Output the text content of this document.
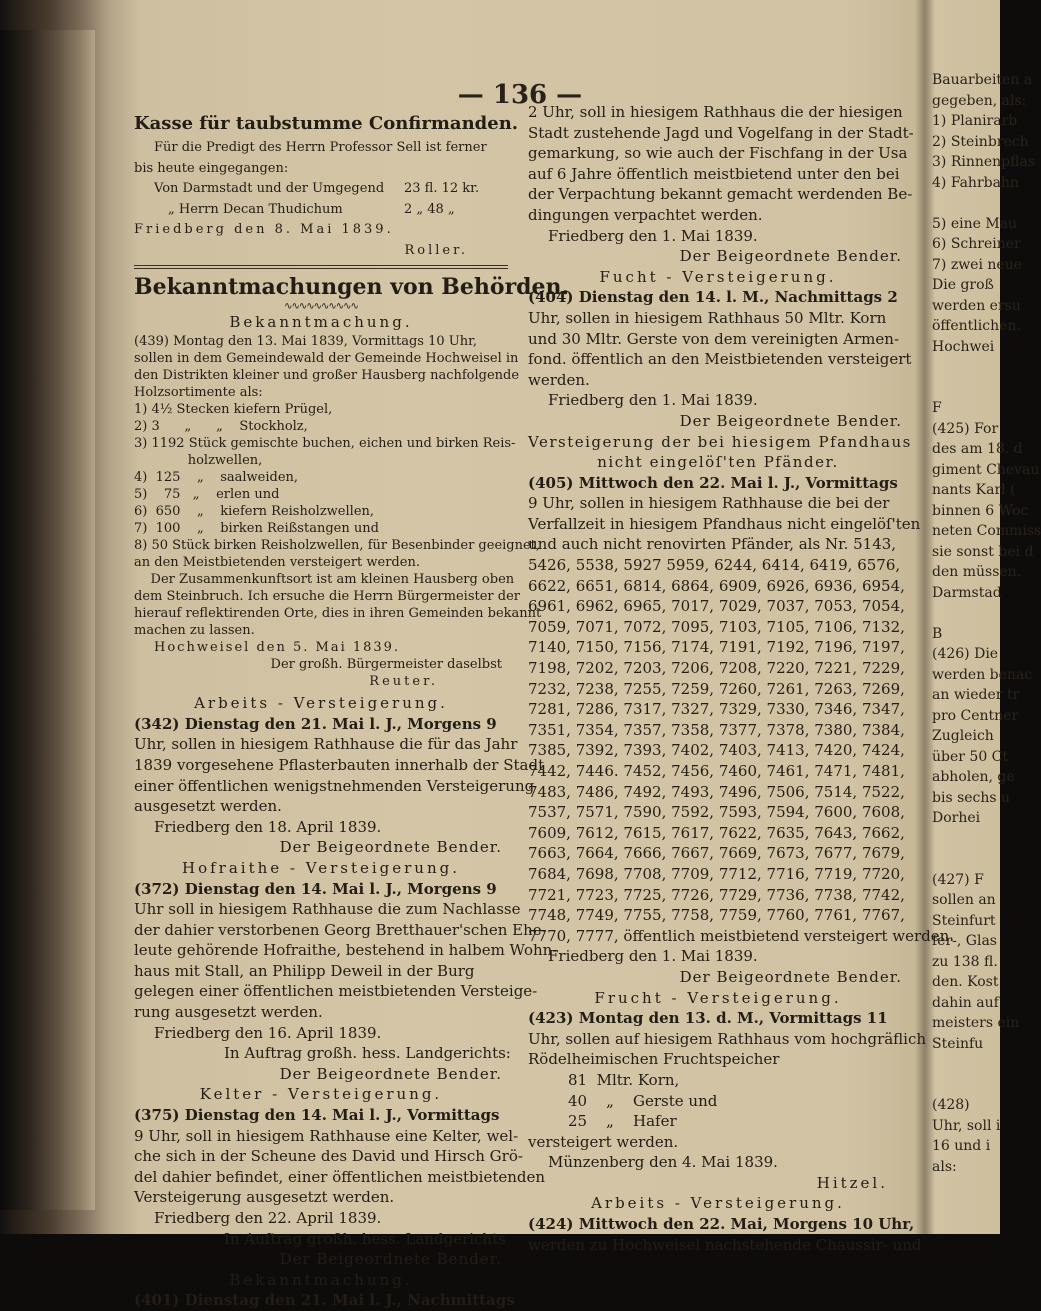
— 136 —
Kasse für taubstumme Confirmanden.
Für die Predigt des Herrn Professor Sell ist ferner
bis heute eingegangen:
Von Darmstadt und der Umgegend	23 fl. 12 kr.
„ Herrn Decan Thudichum	2 „ 48 „
Friedberg den 8. Mai 1839.
Roller.
Bekanntmachungen von Behörden.
∿∿∿∿∿∿∿∿∿∿
Bekanntmachung.
(439) Montag den 13. Mai 1839, Vormittags 10 Uhr,
sollen in dem Gemeindewald der Gemeinde Hochweisel in
den Distrikten kleiner und großer Hausberg nachfolgende
Holzsortimente als:
1) 4½ Stecken kiefern Prügel,
2) 3      „      „    Stockholz,
3) 1192 Stück gemischte buchen, eichen und birken Reis-
holzwellen,
4)  125    „    saalweiden,
5)    75   „    erlen und
6)  650    „    kiefern Reisholzwellen,
7)  100    „    birken Reißstangen und
8) 50 Stück birken Reisholzwellen, für Besenbinder geeignet,
an den Meistbietenden versteigert werden.
Der Zusammenkunftsort ist am kleinen Hausberg oben
dem Steinbruch. Ich ersuche die Herrn Bürgermeister der
hierauf reflektirenden Orte, dies in ihren Gemeinden bekannt
machen zu lassen.
Hochweisel den 5. Mai 1839.
Der großh. Bürgermeister daselbst
Reuter.
Arbeits - Versteigerung.
(342) Dienstag den 21. Mai l. J., Morgens 9
Uhr, sollen in hiesigem Rathhause die für das Jahr
1839 vorgesehene Pflasterbauten innerhalb der Stadt
einer öffentlichen wenigstnehmenden Versteigerung
ausgesetzt werden.
Friedberg den 18. April 1839.
Der Beigeordnete Bender.
Hofraithe - Versteigerung.
(372) Dienstag den 14. Mai l. J., Morgens 9
Uhr soll in hiesigem Rathhause die zum Nachlasse
der dahier verstorbenen Georg Bretthauer'schen Ehe-
leute gehörende Hofraithe, bestehend in halbem Wohn-
haus mit Stall, an Philipp Deweil in der Burg
gelegen einer öffentlichen meistbietenden Versteige-
rung ausgesetzt werden.
Friedberg den 16. April 1839.
In Auftrag großh. hess. Landgerichts:
Der Beigeordnete Bender.
Kelter - Versteigerung.
(375) Dienstag den 14. Mai l. J., Vormittags
9 Uhr, soll in hiesigem Rathhause eine Kelter, wel-
che sich in der Scheune des David und Hirsch Grö-
del dahier befindet, einer öffentlichen meistbietenden
Versteigerung ausgesetzt werden.
Friedberg den 22. April 1839.
In Auftrag großh. hess. Landgerichts
Der Beigeordnete Bender.
Bekanntmachung.
(401) Dienstag den 21. Mai l. J., Nachmittags
2 Uhr, soll in hiesigem Rathhaus die der hiesigen
Stadt zustehende Jagd und Vogelfang in der Stadt-
gemarkung, so wie auch der Fischfang in der Usa
auf 6 Jahre öffentlich meistbietend unter den bei
der Verpachtung bekannt gemacht werdenden Be-
dingungen verpachtet werden.
Friedberg den 1. Mai 1839.
Der Beigeordnete Bender.
Fucht - Versteigerung.
(404) Dienstag den 14. l. M., Nachmittags 2
Uhr, sollen in hiesigem Rathhaus 50 Mltr. Korn
und 30 Mltr. Gerste von dem vereinigten Armen-
fond. öffentlich an den Meistbietenden versteigert
werden.
Friedberg den 1. Mai 1839.
Der Beigeordnete Bender.
Versteigerung der bei hiesigem Pfandhaus
nicht eingelöſ'ten Pfänder.
(405) Mittwoch den 22. Mai l. J., Vormittags
9 Uhr, sollen in hiesigem Rathhause die bei der
Verfallzeit in hiesigem Pfandhaus nicht eingelöſ'ten
und auch nicht renovirten Pfänder, als Nr. 5143,
5426, 5538, 5927 5959, 6244, 6414, 6419, 6576,
6622, 6651, 6814, 6864, 6909, 6926, 6936, 6954,
6961, 6962, 6965, 7017, 7029, 7037, 7053, 7054,
7059, 7071, 7072, 7095, 7103, 7105, 7106, 7132,
7140, 7150, 7156, 7174, 7191, 7192, 7196, 7197,
7198, 7202, 7203, 7206, 7208, 7220, 7221, 7229,
7232, 7238, 7255, 7259, 7260, 7261, 7263, 7269,
7281, 7286, 7317, 7327, 7329, 7330, 7346, 7347,
7351, 7354, 7357, 7358, 7377, 7378, 7380, 7384,
7385, 7392, 7393, 7402, 7403, 7413, 7420, 7424,
7442, 7446. 7452, 7456, 7460, 7461, 7471, 7481,
7483, 7486, 7492, 7493, 7496, 7506, 7514, 7522,
7537, 7571, 7590, 7592, 7593, 7594, 7600, 7608,
7609, 7612, 7615, 7617, 7622, 7635, 7643, 7662,
7663, 7664, 7666, 7667, 7669, 7673, 7677, 7679,
7684, 7698, 7708, 7709, 7712, 7716, 7719, 7720,
7721, 7723, 7725, 7726, 7729, 7736, 7738, 7742,
7748, 7749, 7755, 7758, 7759, 7760, 7761, 7767,
7770, 7777, öffentlich meistbietend versteigert werden.
Friedberg den 1. Mai 1839.
Der Beigeordnete Bender.
Frucht - Versteigerung.
(423) Montag den 13. d. M., Vormittags 11
Uhr, sollen auf hiesigem Rathhaus vom hochgräflich
Rödelheimischen Fruchtspeicher
81  Mltr. Korn,
40    „    Gerste und
25    „    Hafer
versteigert werden.
Münzenberg den 4. Mai 1839.
Hitzel.
Arbeits - Versteigerung.
(424) Mittwoch den 22. Mai, Morgens 10 Uhr,
werden zu Hochweisel nachstehende Chaussir- und
Bauarbeiten a
gegeben, als:
1) Planirarb
2) Steinbrech
3) Rinnenpflas
4) Fahrbahn
5) eine Mau
6) Schreiner
7) zwei neue
Die groß
werden ersu
öffentlichen.
Hochwei
F
(425) For
des am 18. d
giment Chevau
nants Karl (
binnen 6 Woc
neten Commiss
sie sonst bei d
den müssen.
Darmstad
B
(426) Die
werden benac
an wieder tr
pro Centner
Zugleich
über 50 Ct
abholen, ge
bis sechs u
Dorhei
(427) F
sollen an
Steinfurt
fer-, Glas
zu 138 fl.
den. Kost
dahin auf
meisters ein
Steinfu
(428)
Uhr, soll i
16 und i
als:
